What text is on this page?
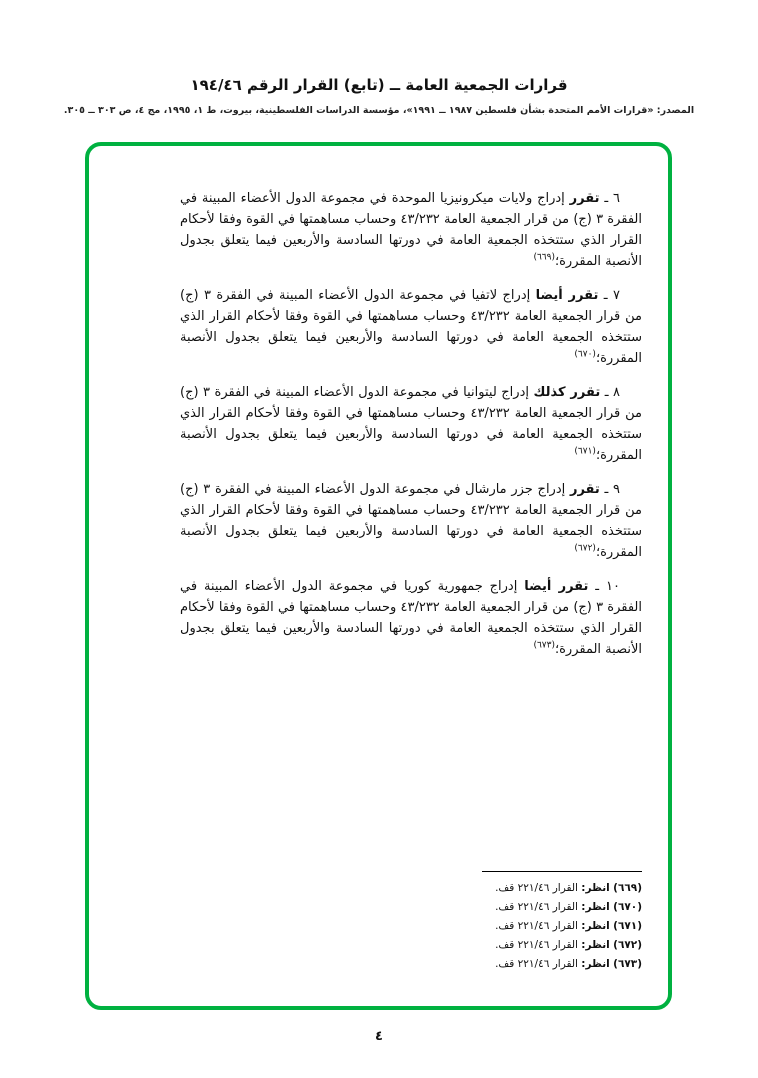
قرارات الجمعية العامة ــ (تابع) القرار الرقم ١٩٤/٤٦
المصدر: «قرارات الأمم المتحدة بشأن فلسطين ١٩٨٧ ــ ١٩٩١»، مؤسسة الدراسات الفلسطينية، بيروت، ط ١، ١٩٩٥، مج ٤، ص ٣٠٣ ــ ٣٠٥.

٦ ـ تقرر إدراج ولايات ميكرونيزيا الموحدة في مجموعة الدول الأعضاء المبينة في الفقرة ٣ (ج) من قرار الجمعية العامة ٤٣/٢٣٢ وحساب مساهمتها في القوة وفقا لأحكام القرار الذي ستتخذه الجمعية العامة في دورتها السادسة والأربعين فيما يتعلق بجدول الأنصبة المقررة؛$^{(٦٦٩)}$

٧ ـ تقرر أيضا إدراج لاتفيا في مجموعة الدول الأعضاء المبينة في الفقرة ٣ (ج) من قرار الجمعية العامة ٤٣/٢٣٢ وحساب مساهمتها في القوة وفقا لأحكام القرار الذي ستتخذه الجمعية العامة في دورتها السادسة والأربعين فيما يتعلق بجدول الأنصبة المقررة؛$^{(٦٧٠)}$

٨ ـ تقرر كذلك إدراج ليتوانيا في مجموعة الدول الأعضاء المبينة في الفقرة ٣ (ج) من قرار الجمعية العامة ٤٣/٢٣٢ وحساب مساهمتها في القوة وفقا لأحكام القرار الذي ستتخذه الجمعية العامة في دورتها السادسة والأربعين فيما يتعلق بجدول الأنصبة المقررة؛$^{(٦٧١)}$

٩ ـ تقرر إدراج جزر مارشال في مجموعة الدول الأعضاء المبينة في الفقرة ٣ (ج) من قرار الجمعية العامة ٤٣/٢٣٢ وحساب مساهمتها في القوة وفقا لأحكام القرار الذي ستتخذه الجمعية العامة في دورتها السادسة والأربعين فيما يتعلق بجدول الأنصبة المقررة؛$^{(٦٧٢)}$

١٠ ـ تقرر أيضا إدراج جمهورية كوريا في مجموعة الدول الأعضاء المبينة في الفقرة ٣ (ج) من قرار الجمعية العامة ٤٣/٢٣٢ وحساب مساهمتها في القوة وفقا لأحكام القرار الذي ستتخذه الجمعية العامة في دورتها السادسة والأربعين فيما يتعلق بجدول الأنصبة المقررة؛$^{(٦٧٣)}$

(٦٦٩) انظر: القرار ٢٢١/٤٦ قف.
(٦٧٠) انظر: القرار ٢٢١/٤٦ قف.
(٦٧١) انظر: القرار ٢٢١/٤٦ قف.
(٦٧٢) انظر: القرار ٢٢١/٤٦ قف.
(٦٧٣) انظر: القرار ٢٢١/٤٦ قف.
٤
